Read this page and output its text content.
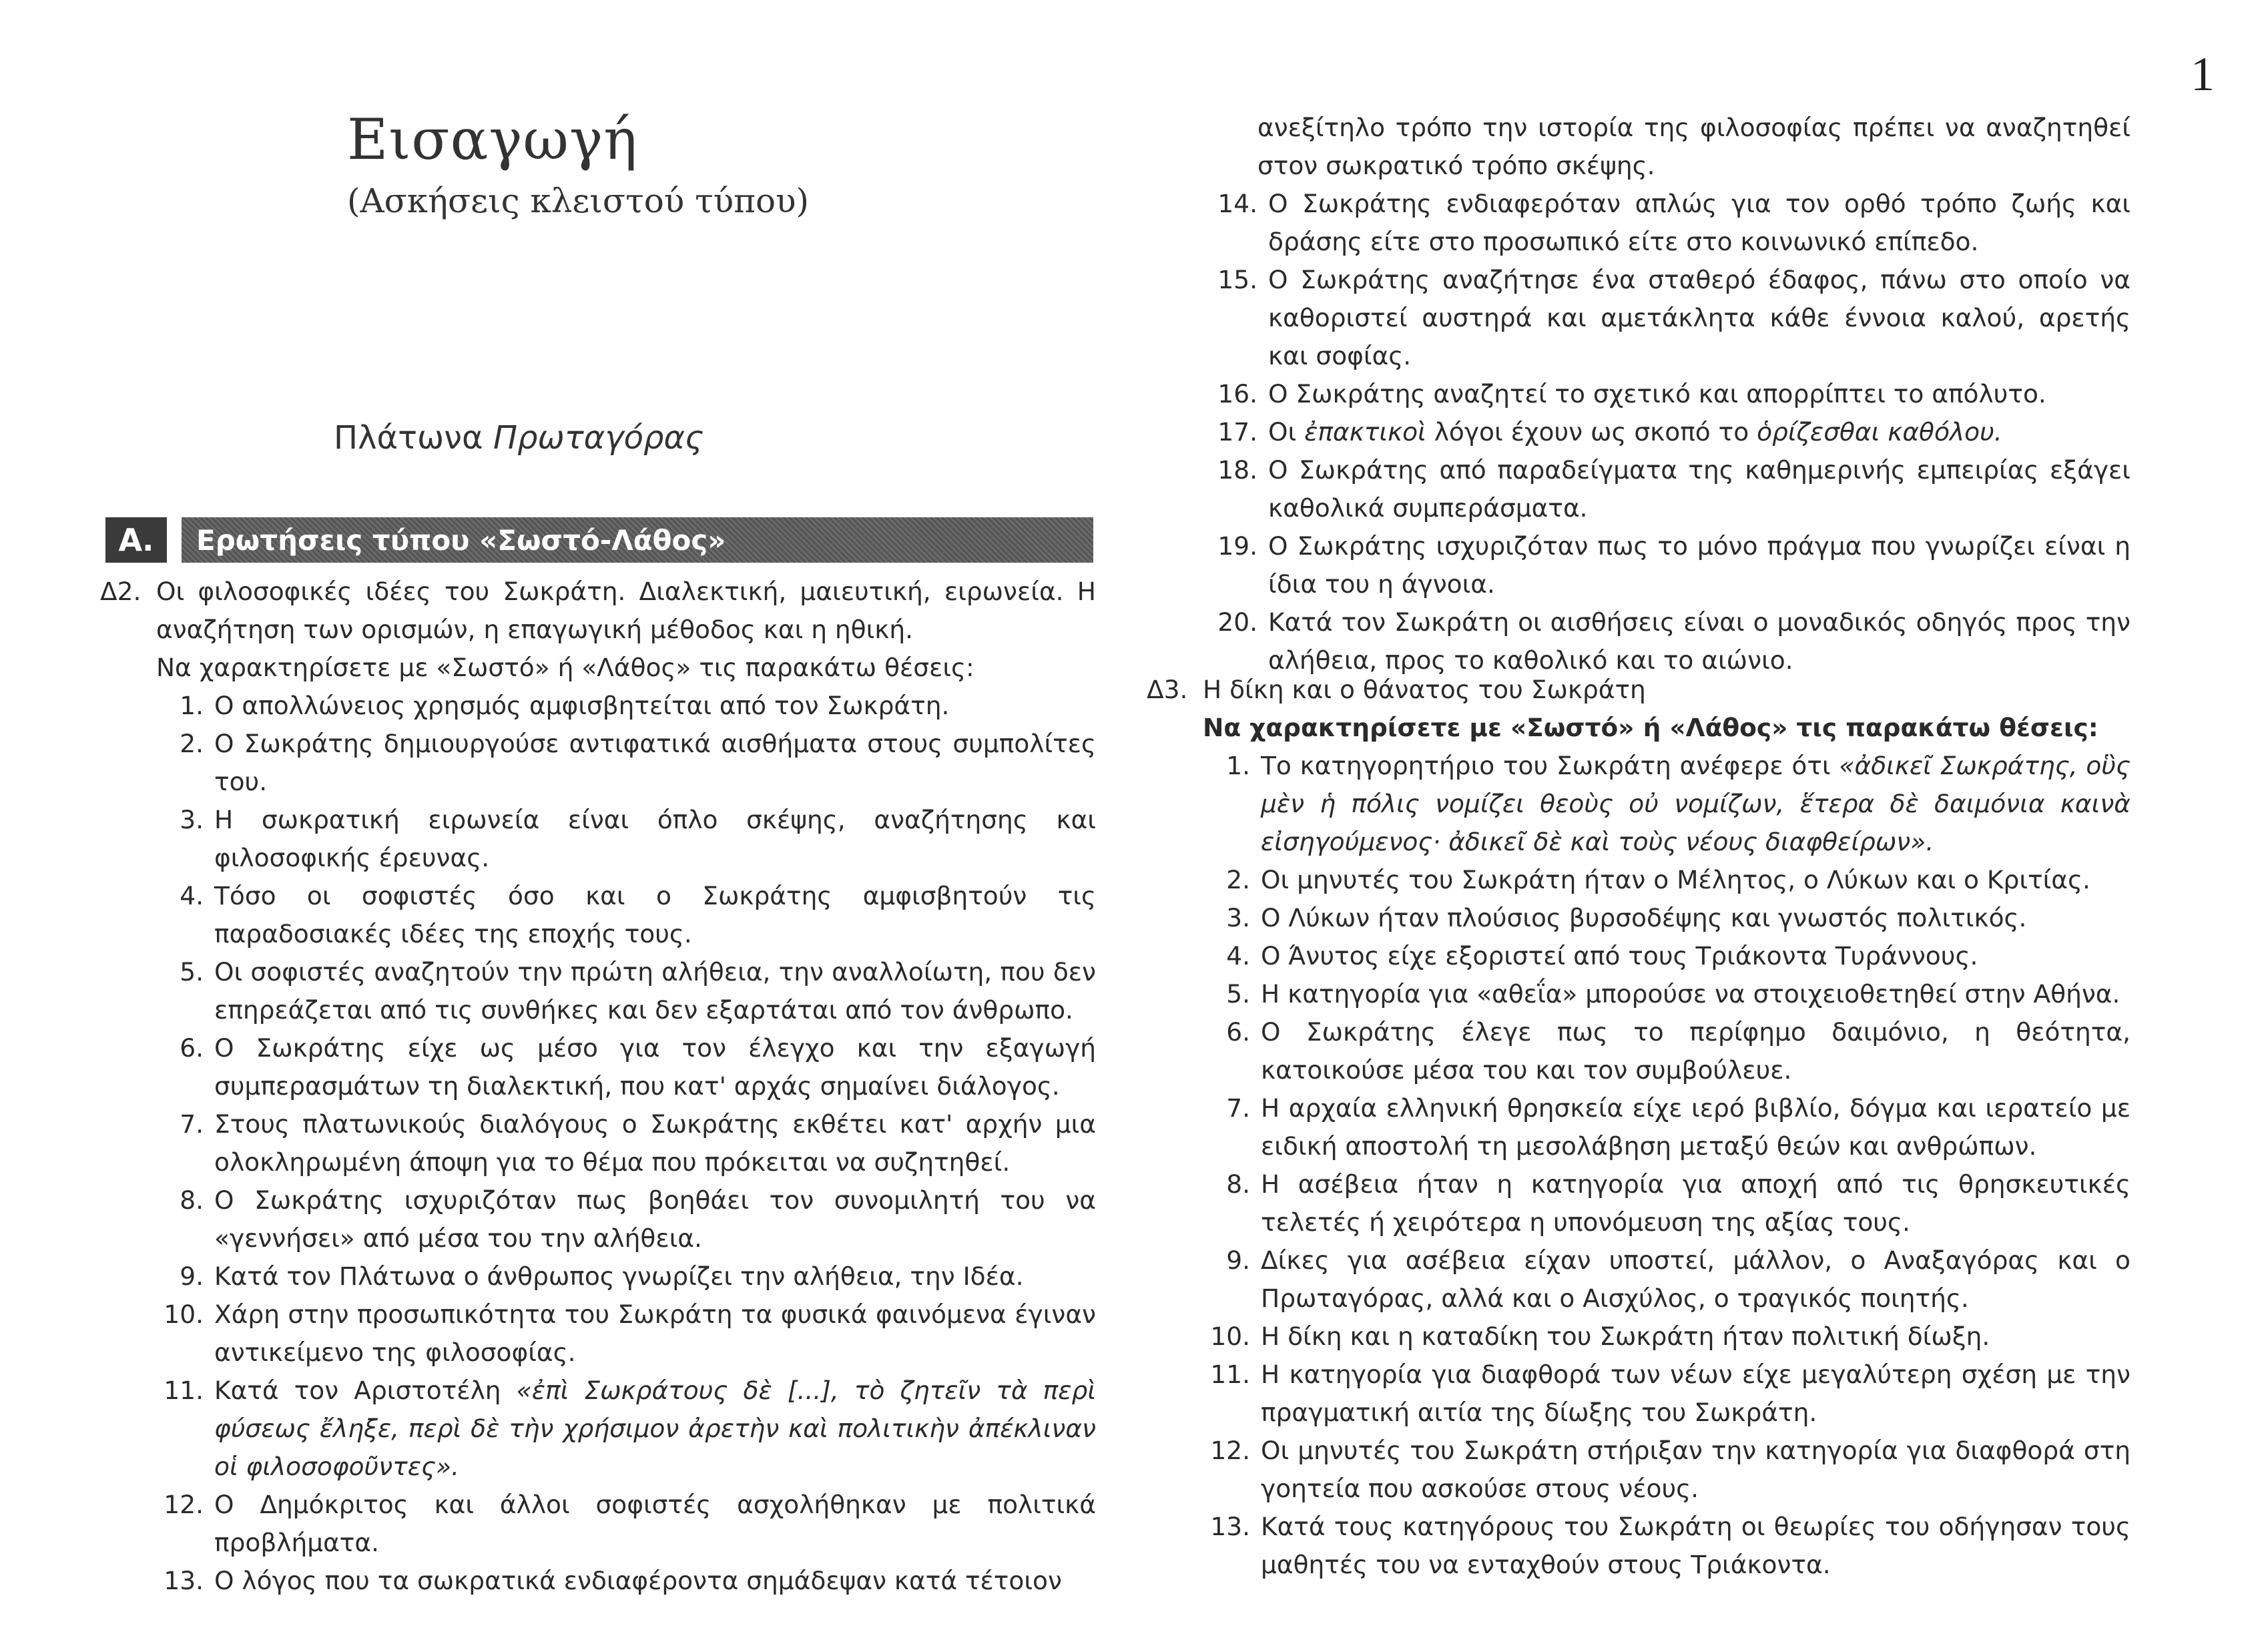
1
Εισαγωγή
(Ασκήσεις κλειστού τύπου)
Πλάτωνα Πρωταγόρας
Α.	Ερωτήσεις τύπου «Σωστό-Λάθος»
Δ2. Οι φιλοσοφικές ιδέες του Σωκράτη. Διαλεκτική, μαιευτική, ειρωνεία. Η αναζήτηση των ορισμών, η επαγωγική μέθοδος και η ηθική.
Να χαρακτηρίσετε με «Σωστό» ή «Λάθος» τις παρακάτω θέσεις:
1. Ο απολλώνειος χρησμός αμφισβητείται από τον Σωκράτη.
2. Ο Σωκράτης δημιουργούσε αντιφατικά αισθήματα στους συμπολίτες του.
3. Η σωκρατική ειρωνεία είναι όπλο σκέψης, αναζήτησης και φιλοσοφικής έρευνας.
4. Τόσο οι σοφιστές όσο και ο Σωκράτης αμφισβητούν τις παραδοσιακές ιδέες της εποχής τους.
5. Οι σοφιστές αναζητούν την πρώτη αλήθεια, την αναλλοίωτη, που δεν επηρεάζεται από τις συνθήκες και δεν εξαρτάται από τον άνθρωπο.
6. Ο Σωκράτης είχε ως μέσο για τον έλεγχο και την εξαγωγή συμπερασμάτων τη διαλεκτική, που κατ' αρχάς σημαίνει διάλογος.
7. Στους πλατωνικούς διαλόγους ο Σωκράτης εκθέτει κατ' αρχήν μια ολοκληρωμένη άποψη για το θέμα που πρόκειται να συζητηθεί.
8. Ο Σωκράτης ισχυριζόταν πως βοηθάει τον συνομιλητή του να «γεννήσει» από μέσα του την αλήθεια.
9. Κατά τον Πλάτωνα ο άνθρωπος γνωρίζει την αλήθεια, την Ιδέα.
10. Χάρη στην προσωπικότητα του Σωκράτη τα φυσικά φαινόμενα έγιναν αντικείμενο της φιλοσοφίας.
11. Κατά τον Αριστοτέλη «ἐπὶ Σωκράτους δὲ [...], τὸ ζητεῖν τὰ περὶ φύσεως ἔληξε, περὶ δὲ τὴν χρήσιμον ἀρετὴν καὶ πολιτικὴν ἀπέκλιναν οἱ φιλοσοφοῦντες».
12. Ο Δημόκριτος και άλλοι σοφιστές ασχολήθηκαν με πολιτικά προβλήματα.
13. Ο λόγος που τα σωκρατικά ενδιαφέροντα σημάδεψαν κατά τέτοιον
ανεξίτηλο τρόπο την ιστορία της φιλοσοφίας πρέπει να αναζητηθεί στον σωκρατικό τρόπο σκέψης.
14. Ο Σωκράτης ενδιαφερόταν απλώς για τον ορθό τρόπο ζωής και δράσης είτε στο προσωπικό είτε στο κοινωνικό επίπεδο.
15. Ο Σωκράτης αναζήτησε ένα σταθερό έδαφος, πάνω στο οποίο να καθοριστεί αυστηρά και αμετάκλητα κάθε έννοια καλού, αρετής και σοφίας.
16. Ο Σωκράτης αναζητεί το σχετικό και απορρίπτει το απόλυτο.
17. Οι ἐπακτικοὶ λόγοι έχουν ως σκοπό το ὁρίζεσθαι καθόλου.
18. Ο Σωκράτης από παραδείγματα της καθημερινής εμπειρίας εξάγει καθολικά συμπεράσματα.
19. Ο Σωκράτης ισχυριζόταν πως το μόνο πράγμα που γνωρίζει είναι η ίδια του η άγνοια.
20. Κατά τον Σωκράτη οι αισθήσεις είναι ο μοναδικός οδηγός προς την αλήθεια, προς το καθολικό και το αιώνιο.
Δ3. Η δίκη και ο θάνατος του Σωκράτη
Να χαρακτηρίσετε με «Σωστό» ή «Λάθος» τις παρακάτω θέσεις:
1. Το κατηγορητήριο του Σωκράτη ανέφερε ότι «ἀδικεῖ Σωκράτης, οὓς μὲν ἡ πόλις νομίζει θεοὺς οὐ νομίζων, ἕτερα δὲ δαιμόνια καινὰ εἰσηγούμενος· ἀδικεῖ δὲ καὶ τοὺς νέους διαφθείρων».
2. Οι μηνυτές του Σωκράτη ήταν ο Μέλητος, ο Λύκων και ο Κριτίας.
3. Ο Λύκων ήταν πλούσιος βυρσοδέψης και γνωστός πολιτικός.
4. Ο Άνυτος είχε εξοριστεί από τους Τριάκοντα Τυράννους.
5. Η κατηγορία για «αθεΐα» μπορούσε να στοιχειοθετηθεί στην Αθήνα.
6. Ο Σωκράτης έλεγε πως το περίφημο δαιμόνιο, η θεότητα, κατοικούσε μέσα του και τον συμβούλευε.
7. Η αρχαία ελληνική θρησκεία είχε ιερό βιβλίο, δόγμα και ιερατείο με ειδική αποστολή τη μεσολάβηση μεταξύ θεών και ανθρώπων.
8. Η ασέβεια ήταν η κατηγορία για αποχή από τις θρησκευτικές τελετές ή χειρότερα η υπονόμευση της αξίας τους.
9. Δίκες για ασέβεια είχαν υποστεί, μάλλον, ο Αναξαγόρας και ο Πρωταγόρας, αλλά και ο Αισχύλος, ο τραγικός ποιητής.
10. Η δίκη και η καταδίκη του Σωκράτη ήταν πολιτική δίωξη.
11. Η κατηγορία για διαφθορά των νέων είχε μεγαλύτερη σχέση με την πραγματική αιτία της δίωξης του Σωκράτη.
12. Οι μηνυτές του Σωκράτη στήριξαν την κατηγορία για διαφθορά στη γοητεία που ασκούσε στους νέους.
13. Κατά τους κατηγόρους του Σωκράτη οι θεωρίες του οδήγησαν τους μαθητές του να ενταχθούν στους Τριάκοντα.
